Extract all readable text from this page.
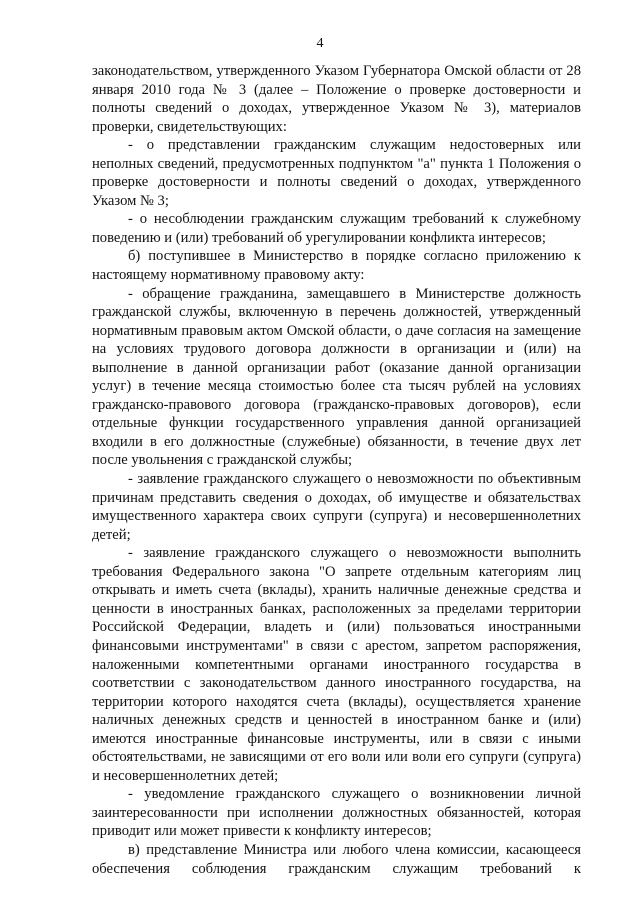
4

законодательством, утвержденного Указом Губернатора Омской области от 28 января 2010 года № 3 (далее – Положение о проверке достоверности и полноты сведений о доходах, утвержденное Указом № 3), материалов проверки, свидетельствующих:

- о представлении гражданским служащим недостоверных или неполных сведений, предусмотренных подпунктом "а" пункта 1 Положения о проверке достоверности и полноты сведений о доходах, утвержденного Указом № 3;

- о несоблюдении гражданским служащим требований к служебному поведению и (или) требований об урегулировании конфликта интересов;

б) поступившее в Министерство в порядке согласно приложению к настоящему нормативному правовому акту:

- обращение гражданина, замещавшего в Министерстве должность гражданской службы, включенную в перечень должностей, утвержденный нормативным правовым актом Омской области, о даче согласия на замещение на условиях трудового договора должности в организации и (или) на выполнение в данной организации работ (оказание данной организации услуг) в течение месяца стоимостью более ста тысяч рублей на условиях гражданско-правового договора (гражданско-правовых договоров), если отдельные функции государственного управления данной организацией входили в его должностные (служебные) обязанности, в течение двух лет после увольнения с гражданской службы;

- заявление гражданского служащего о невозможности по объективным причинам представить сведения о доходах, об имуществе и обязательствах имущественного характера своих супруги (супруга) и несовершеннолетних детей;

- заявление гражданского служащего о невозможности выполнить требования Федерального закона "О запрете отдельным категориям лиц открывать и иметь счета (вклады), хранить наличные денежные средства и ценности в иностранных банках, расположенных за пределами территории Российской Федерации, владеть и (или) пользоваться иностранными финансовыми инструментами" в связи с арестом, запретом распоряжения, наложенными компетентными органами иностранного государства в соответствии с законодательством данного иностранного государства, на территории которого находятся счета (вклады), осуществляется хранение наличных денежных средств и ценностей в иностранном банке и (или) имеются иностранные финансовые инструменты, или в связи с иными обстоятельствами, не зависящими от его воли или воли его супруги (супруга) и несовершеннолетних детей;

- уведомление гражданского служащего о возникновении личной заинтересованности при исполнении должностных обязанностей, которая приводит или может привести к конфликту интересов;

в) представление Министра или любого члена комиссии, касающееся обеспечения соблюдения гражданским служащим требований к
